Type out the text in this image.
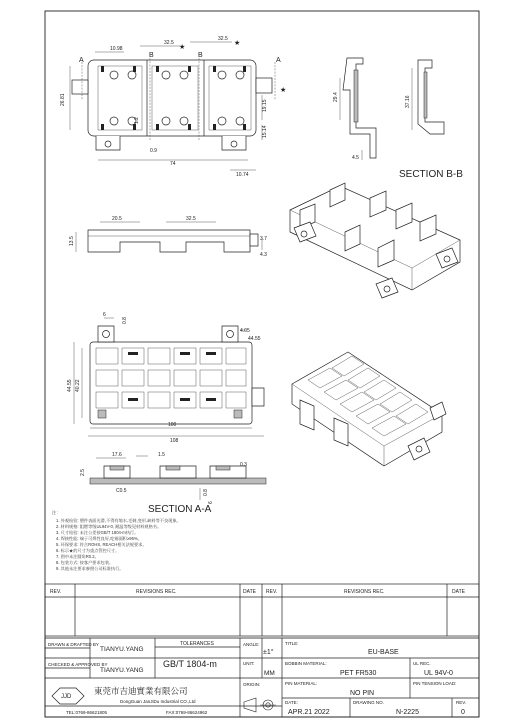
A	A
B	B
10.98
32.5
32.5
26.81	19.15
15.14
1.2
0.9
74
10.74
★
★
★
29.4	37.16
4.5
SECTION B-B
20.5	32.5
13.5	3.7
4.3
6
0.8
4.05
44.55
40.22
44.55
100
108
17.6	1.5
2.5
C0.5	0.8
6
0.3
SECTION A-A
注：
1. 外观检验: 塑件表面光滑,不得有缩水,毛刺,变形,缺料等不良现象。
2. 材料规格: 阻燃等级UL94V-0, 耐温等级见材料规格书。
3. 尺寸检验: 未注公差按GB/T 1804-m执行。
4. 焊接性能: 端子可焊性良好,吃锡面积≥95%。
5. 环保要求: 符合ROHS, REACH相关法规要求。
6. 标示★的尺寸为重点管控尺寸。
7. 图中未注圆角R0.2。
8. 包装方式: 按客户要求包装。
9. 其他未注要求参照公司标准执行。
REV.	REVISIONS REC.	DATE REV.	REVISIONS REC.	DATE
DRAWN & DRAFTED BY
TIANYU.YANG
CHECKED & APPROVED BY
TIANYU.YANG
TOLERANCES
GB/T 1804-m
ANGLE:
±1°
UNIT:
MM
ORIGIN:
TITLE:
EU-BASE
BOBBIN MATERIAL:
PET FR530
UL REC.
UL 94V-0
PIN MATERIAL:
NO PIN
PIN TENSION LOAD:
DATE:
APR.21 2022
DRAWING NO.
N-2225
REV.
0
JJD
東莞市吉迪實業有限公司
DongGuan JanJiDu Industrial CO.,Ltd
TEL:0769-86621805	FAX:0769-86624962
